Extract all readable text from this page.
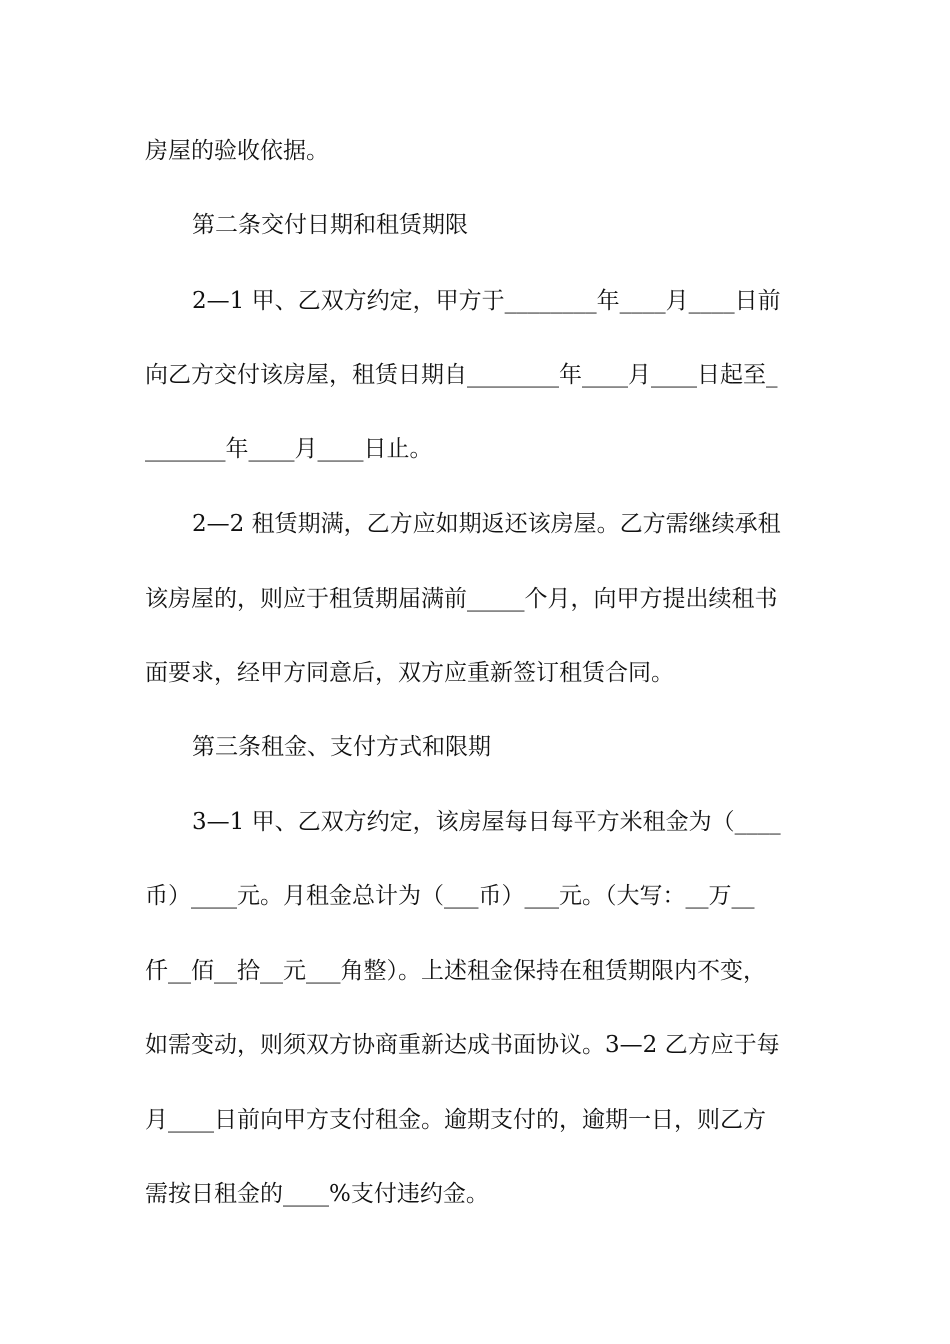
房屋的验收依据。
第二条交付日期和租赁期限
2—1 甲、乙双方约定，甲方于________年____月____日前
向乙方交付该房屋，租赁日期自________年____月____日起至_
_______年____月____日止。
2—2 租赁期满，乙方应如期返还该房屋。乙方需继续承租
该房屋的，则应于租赁期届满前_____个月，向甲方提出续租书
面要求，经甲方同意后，双方应重新签订租赁合同。
第三条租金、支付方式和限期
3—1 甲、乙双方约定，该房屋每日每平方米租金为（____
币）____元。月租金总计为（___币）___元。（大写：__万__
仟__佰__拾__元___角整）。上述租金保持在租赁期限内不变，
如需变动，则须双方协商重新达成书面协议。3—2 乙方应于每
月____日前向甲方支付租金。逾期支付的，逾期一日，则乙方
需按日租金的____%支付违约金。
